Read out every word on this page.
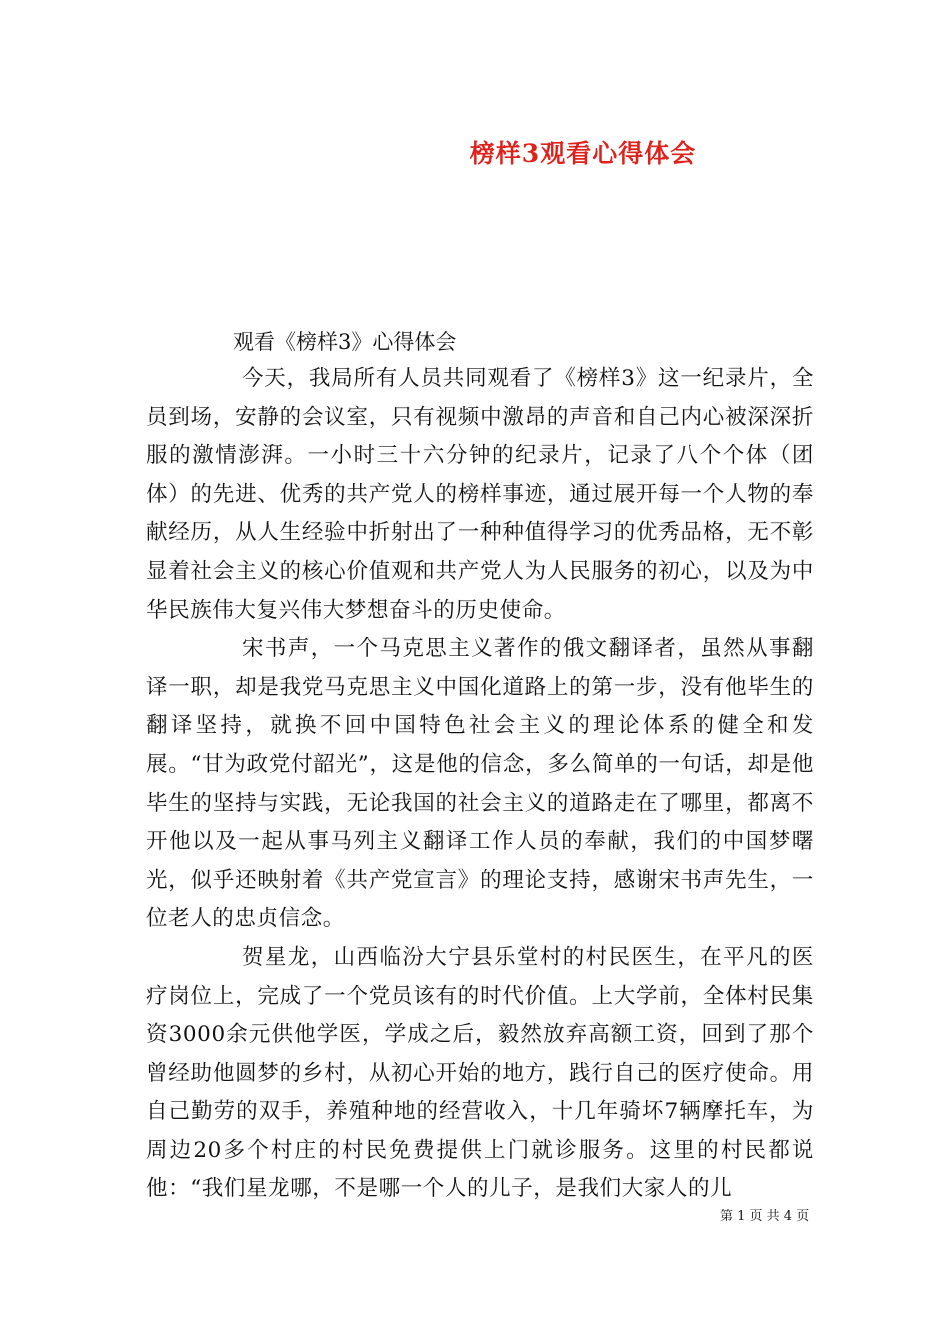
榜样3观看心得体会
观看《榜样3》心得体会

今天，我局所有人员共同观看了《榜样3》这一纪录片，全员到场，安静的会议室，只有视频中激昂的声音和自己内心被深深折服的激情澎湃。一小时三十六分钟的纪录片，记录了八个个体（团体）的先进、优秀的共产党人的榜样事迹，通过展开每一个人物的奉献经历，从人生经验中折射出了一种种值得学习的优秀品格，无不彰显着社会主义的核心价值观和共产党人为人民服务的初心，以及为中华民族伟大复兴伟大梦想奋斗的历史使命。

宋书声，一个马克思主义著作的俄文翻译者，虽然从事翻译一职，却是我党马克思主义中国化道路上的第一步，没有他毕生的翻译坚持，就换不回中国特色社会主义的理论体系的健全和发展。“甘为政党付韶光”，这是他的信念，多么简单的一句话，却是他毕生的坚持与实践，无论我国的社会主义的道路走在了哪里，都离不开他以及一起从事马列主义翻译工作人员的奉献，我们的中国梦曙光，似乎还映射着《共产党宣言》的理论支持，感谢宋书声先生，一位老人的忠贞信念。

贺星龙，山西临汾大宁县乐堂村的村民医生，在平凡的医疗岗位上，完成了一个党员该有的时代价值。上大学前，全体村民集资3000余元供他学医，学成之后，毅然放弃高额工资，回到了那个曾经助他圆梦的乡村，从初心开始的地方，践行自己的医疗使命。用自己勤劳的双手，养殖种地的经营收入，十几年骑坏7辆摩托车，为周边20多个村庄的村民免费提供上门就诊服务。这里的村民都说他：“我们星龙哪，不是哪一个人的儿子，是我们大家人的儿

第 1 页 共 4 页
